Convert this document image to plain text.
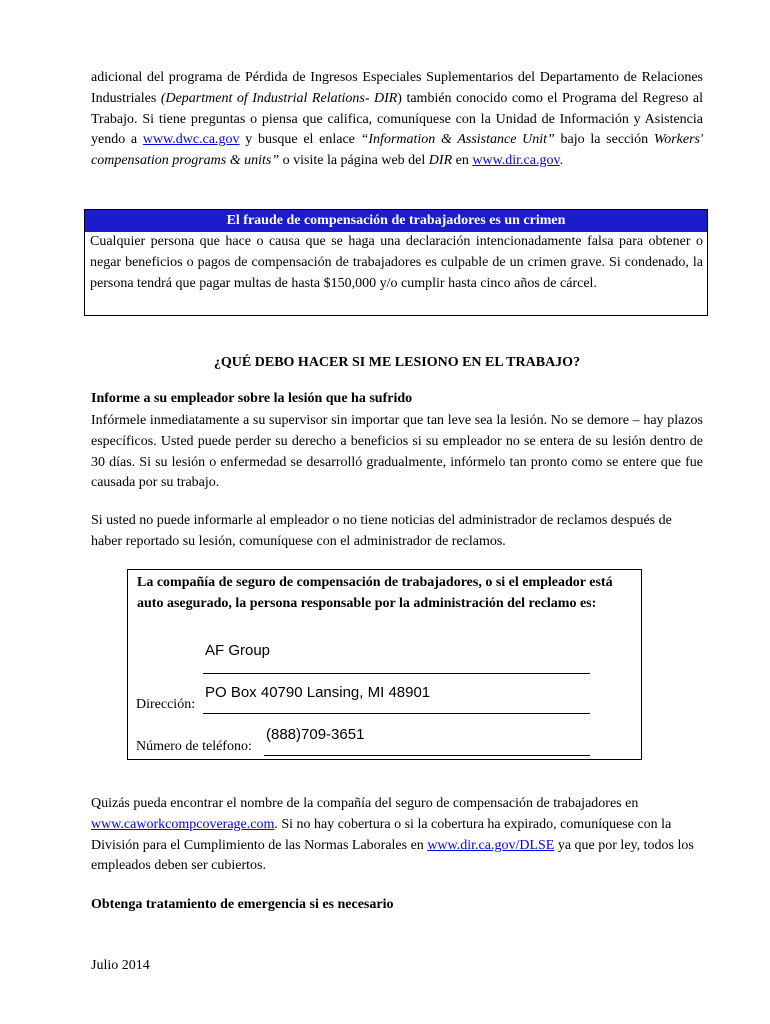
adicional del programa de Pérdida de Ingresos Especiales Suplementarios del Departamento de Relaciones Industriales (Department of Industrial Relations- DIR) también conocido como el Programa del Regreso al Trabajo. Si tiene preguntas o piensa que califica, comuníquese con la Unidad de Información y Asistencia yendo a www.dwc.ca.gov y busque el enlace “Information & Assistance Unit” bajo la sección Workers' compensation programs & units” o visite la página web del DIR en www.dir.ca.gov.
El fraude de compensación de trabajadores es un crimen
Cualquier persona que hace o causa que se haga una declaración intencionadamente falsa para obtener o negar beneficios o pagos de compensación de trabajadores es culpable de un crimen grave. Si condenado, la persona tendrá que pagar multas de hasta $150,000 y/o cumplir hasta cinco años de cárcel.
¿QUÉ DEBO HACER SI ME LESIONO EN EL TRABAJO?
Informe a su empleador sobre la lesión que ha sufrido
Infórmele inmediatamente a su supervisor sin importar que tan leve sea la lesión. No se demore – hay plazos específicos. Usted puede perder su derecho a beneficios si su empleador no se entera de su lesión dentro de 30 días. Si su lesión o enfermedad se desarrolló gradualmente, infórmelo tan pronto como se entere que fue causada por su trabajo.
Si usted no puede informarle al empleador o no tiene noticias del administrador de reclamos después de haber reportado su lesión, comuníquese con el administrador de reclamos.
La compañía de seguro de compensación de trabajadores, o si el empleador está auto asegurado, la persona responsable por la administración del reclamo es:
AF Group
PO Box 40790 Lansing, MI 48901
Dirección:
(888)709-3651
Número de teléfono:
Quizás pueda encontrar el nombre de la compañía del seguro de compensación de trabajadores en www.caworkcompcoverage.com. Si no hay cobertura o si la cobertura ha expirado, comuníquese con la División para el Cumplimiento de las Normas Laborales en www.dir.ca.gov/DLSE ya que por ley, todos los empleados deben ser cubiertos.
Obtenga tratamiento de emergencia si es necesario
Julio 2014
